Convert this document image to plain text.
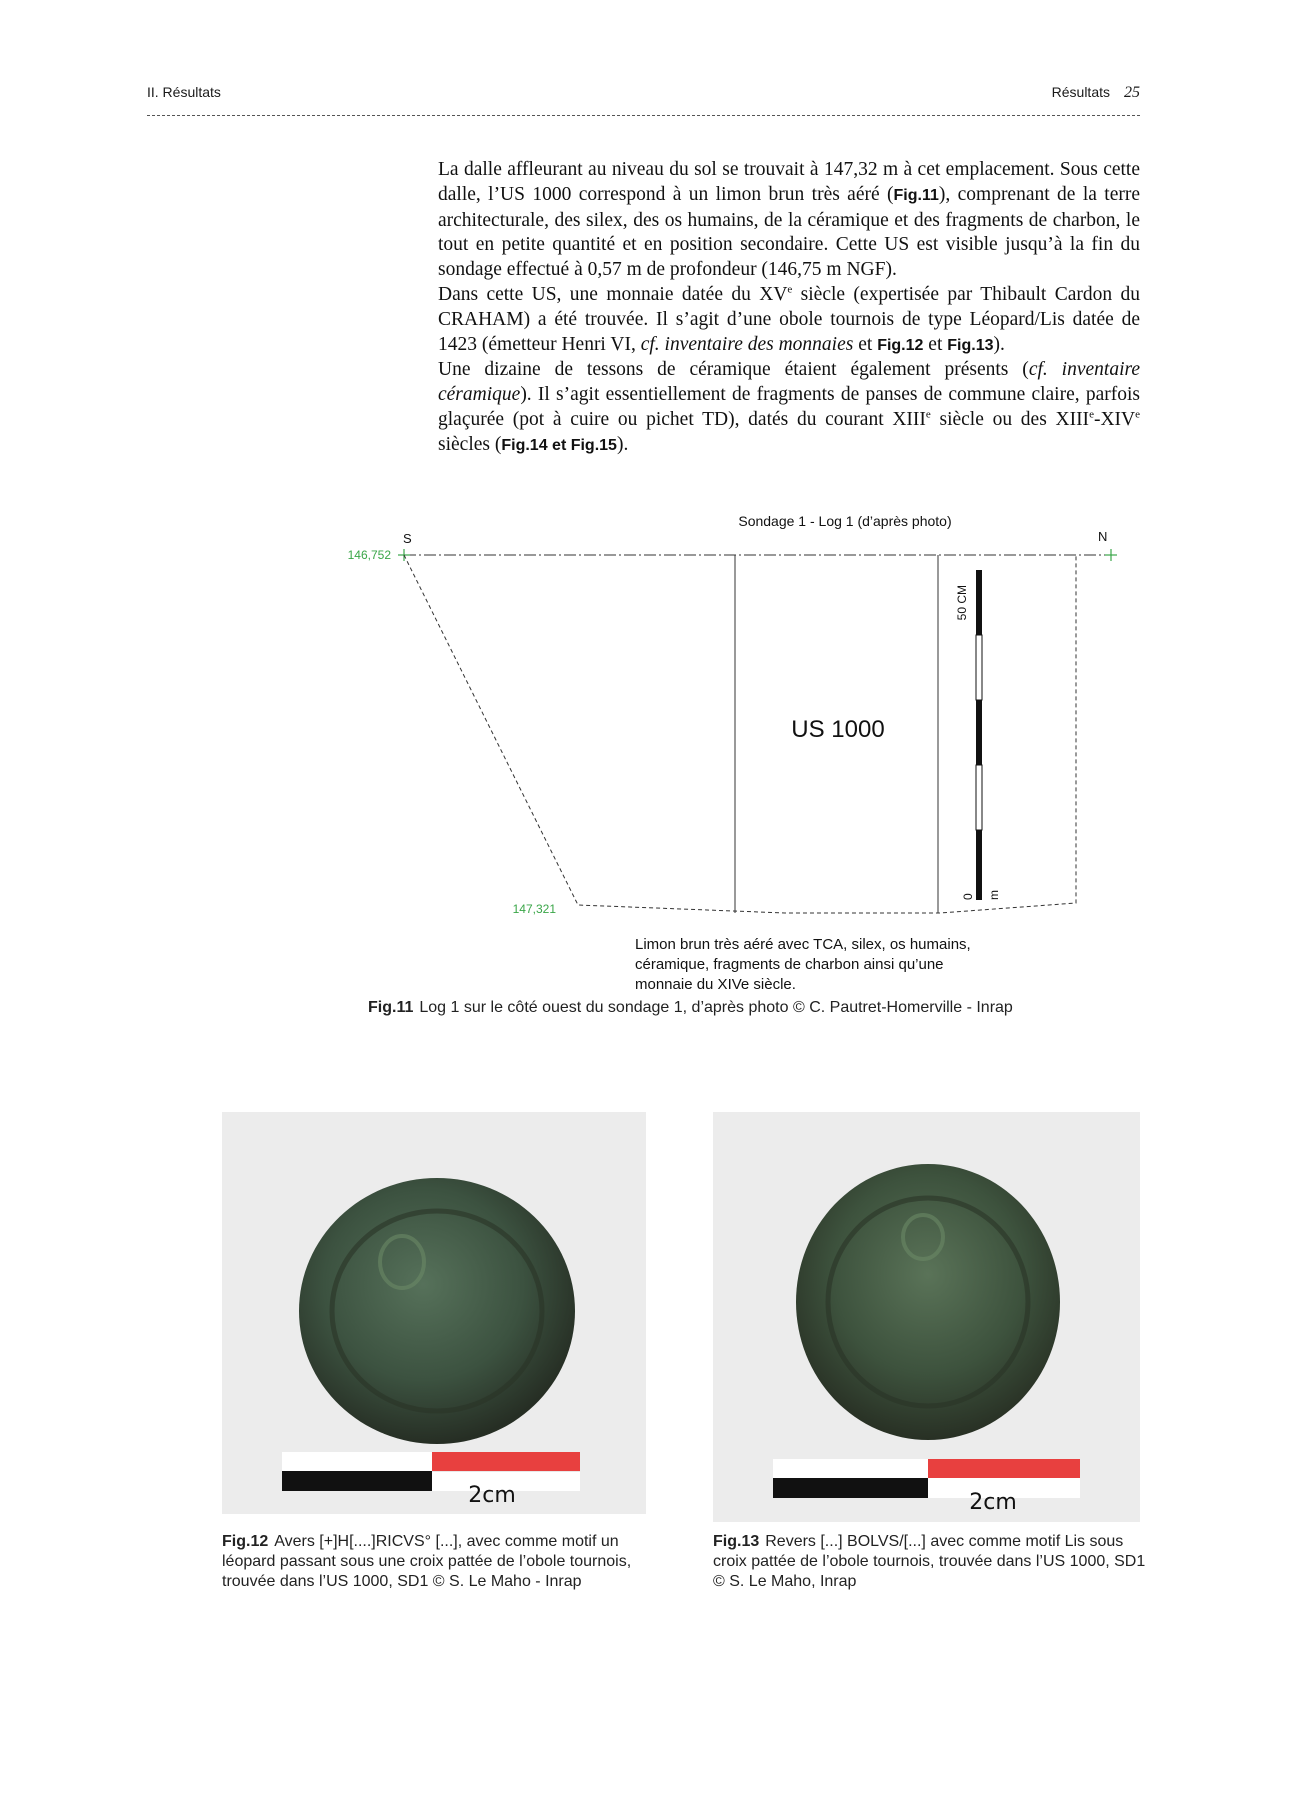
II. Résultats	Résultats 25

La dalle affleurant au niveau du sol se trouvait à 147,32 m à cet emplacement. Sous cette dalle, l’US 1000 correspond à un limon brun très aéré (Fig.11), comprenant de la terre architecturale, des silex, des os humains, de la céramique et des fragments de charbon, le tout en petite quantité et en position secondaire. Cette US est visible jusqu’à la fin du sondage effectué à 0,57 m de profondeur (146,75 m NGF).

Dans cette US, une monnaie datée du XVe siècle (expertisée par Thibault Cardon du CRAHAM) a été trouvée. Il s’agit d’une obole tournois de type Léopard/Lis datée de 1423 (émetteur Henri VI, cf. inventaire des monnaies et Fig.12 et Fig.13).

Une dizaine de tessons de céramique étaient également présents (cf. inventaire céramique). Il s’agit essentiellement de fragments de panses de commune claire, parfois glaçurée (pot à cuire ou pichet TD), datés du courant XIIIe siècle ou des XIIIe-XIVe siècles (Fig.14 et Fig.15).

Sondage 1 - Log 1 (d’après photo)
S	N
146,752
147,321
US 1000
50 CM
0 m
Limon brun très aéré avec TCA, silex, os humains,
céramique, fragments de charbon ainsi qu’une
monnaie du XIVe siècle.
Fig.11 Log 1 sur le côté ouest du sondage 1, d’après photo © C. Pautret-Homerville - Inrap
2cm
Fig.12 Avers [+]H[....]RICVS° [...], avec comme motif un
léopard passant sous une croix pattée de l’obole tournois,
trouvée dans l’US 1000, SD1 © S. Le Maho - Inrap
2cm
Fig.13 Revers [...] BOLVS/[...] avec comme motif Lis sous
croix pattée de l’obole tournois, trouvée dans l’US 1000, SD1
© S. Le Maho, Inrap
